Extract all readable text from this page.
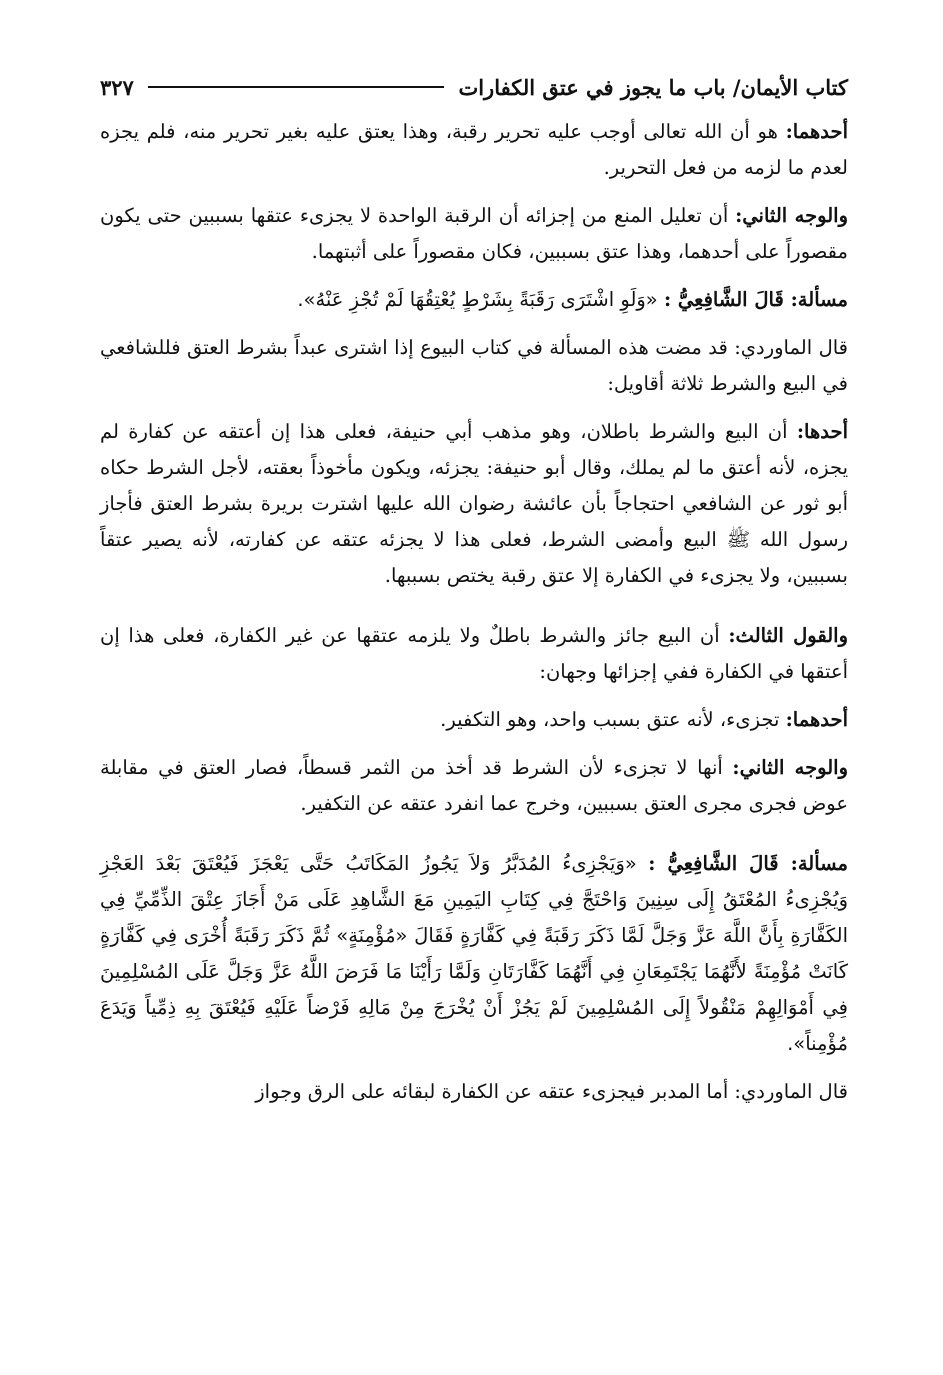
كتاب الأيمان/ باب ما يجوز في عتق الكفارات
٣٢٧

أحدهما: هو أن الله تعالى أوجب عليه تحرير رقبة، وهذا يعتق عليه بغير تحرير منه، فلم يجزه لعدم ما لزمه من فعل التحرير.

والوجه الثاني: أن تعليل المنع من إجزائه أن الرقبة الواحدة لا يجزىء عتقها بسببين حتى يكون مقصوراً على أحدهما، وهذا عتق بسببين، فكان مقصوراً على أثبتهما.

مسألة: قَالَ الشَّافِعِيُّ : «وَلَوِ اشْتَرَى رَقَبَةً بِشَرْطٍ يُعْتِقُهَا لَمْ تُجْزِ عَنْهُ».

قال الماوردي: قد مضت هذه المسألة في كتاب البيوع إذا اشترى عبداً بشرط العتق فللشافعي في البيع والشرط ثلاثة أقاويل:

أحدها: أن البيع والشرط باطلان، وهو مذهب أبي حنيفة، فعلى هذا إن أعتقه عن كفارة لم يجزه، لأنه أعتق ما لم يملك، وقال أبو حنيفة: يجزئه، ويكون مأخوذاً بعقته، لأجل الشرط حكاه أبو ثور عن الشافعي احتجاجاً بأن عائشة رضوان الله عليها اشترت بريرة بشرط العتق فأجاز رسول الله ﷺ البيع وأمضى الشرط، فعلى هذا لا يجزئه عتقه عن كفارته، لأنه يصير عتقاً بسببين، ولا يجزىء في الكفارة إلا عتق رقبة يختص بسببها.

والقول الثالث: أن البيع جائز والشرط باطلٌ ولا يلزمه عتقها عن غير الكفارة، فعلى هذا إن أعتقها في الكفارة ففي إجزائها وجهان:

أحدهما: تجزىء، لأنه عتق بسبب واحد، وهو التكفير.

والوجه الثاني: أنها لا تجزىء لأن الشرط قد أخذ من الثمر قسطاً، فصار العتق في مقابلة عوض فجرى مجرى العتق بسببين، وخرج عما انفرد عتقه عن التكفير.

مسألة: قَالَ الشَّافِعِيُّ : «وَيَجْزِىءُ المُدَبَّرُ وَلاَ يَجُوزُ المَكَاتَبُ حَتَّى يَعْجَزَ فَيُعْتَقَ بَعْدَ العَجْزِ وَيُجْزِىءُ المُعْتَقُ إِلَى سِنِينَ وَاحْتَجَّ فِي كِتَابِ اليَمِينِ مَعَ الشَّاهِدِ عَلَى مَنْ أَجَازَ عِتْقَ الذِّمِّيِّ فِي الكَفَّارَةِ بِأَنَّ اللَّهَ عَزَّ وَجَلَّ لَمَّا ذَكَرَ رَقَبَةً فِي كَفَّارَةٍ فَقَالَ «مُؤْمِنَةٍ» ثُمَّ ذَكَرَ رَقَبَةً أُخْرَى فِي كَفَّارَةٍ كَانَتْ مُؤْمِنَةً لأَنَّهُمَا يَجْتَمِعَانِ فِي أَنَّهُمَا كَفَّارَتَانِ وَلَمَّا رَأَيْنَا مَا فَرَضَ اللَّهُ عَزَّ وَجَلَّ عَلَى المُسْلِمِينَ فِي أَمْوَالِهِمْ مَنْقُولاً إِلَى المُسْلِمِينَ لَمْ يَجُزْ أَنْ يُخْرَجَ مِنْ مَالِهِ فَرْضاً عَلَيْهِ فَيُعْتَقَ بِهِ ذِمِّياً وَيَدَعَ مُؤْمِناً».

قال الماوردي: أما المدبر فيجزىء عتقه عن الكفارة لبقائه على الرق وجواز
